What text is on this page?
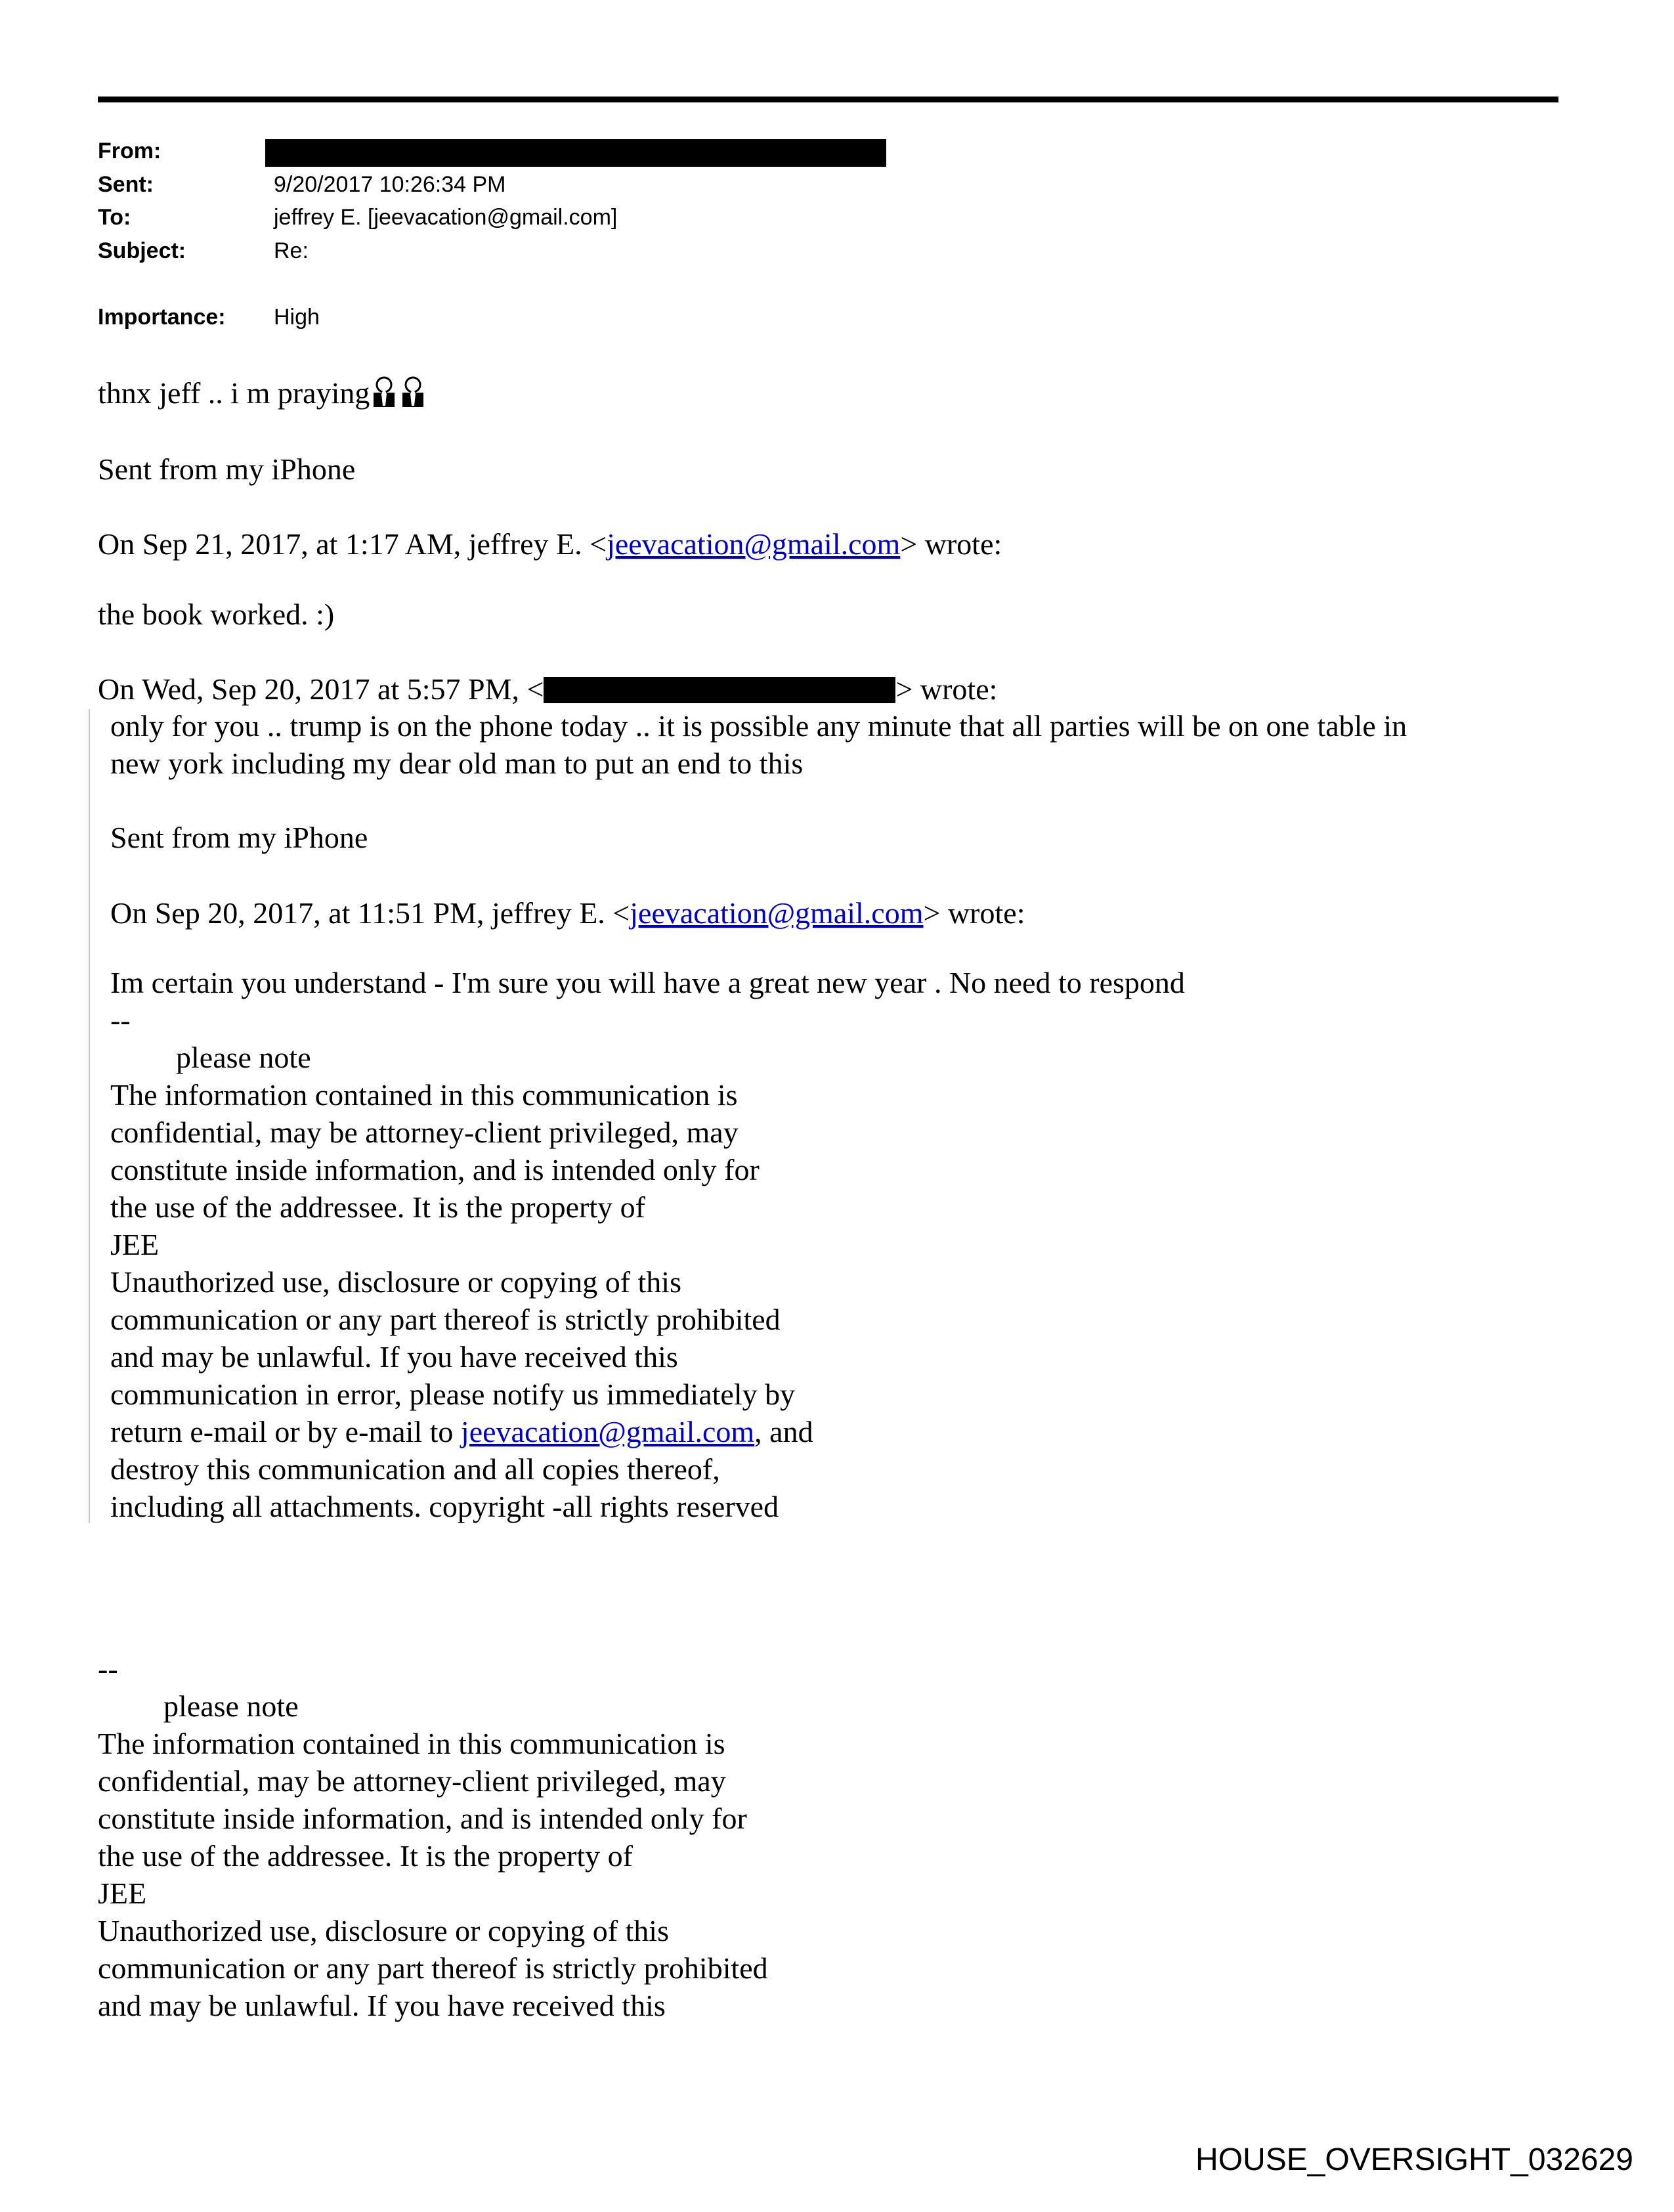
From:
Sent:	9/20/2017 10:26:34 PM
To:	jeffrey E. [jeevacation@gmail.com]
Subject:	Re:
Importance: High
thnx jeff .. i m praying
Sent from my iPhone
On Sep 21, 2017, at 1:17 AM, jeffrey E. <jeevacation@gmail.com> wrote:
the book worked. :)
On Wed, Sep 20, 2017 at 5:57 PM, <	> wrote:
only for you .. trump is on the phone today .. it is possible any minute that all parties will be on one table in
new york including my dear old man to put an end to this
Sent from my iPhone
On Sep 20, 2017, at 11:51 PM, jeffrey E. <jeevacation@gmail.com> wrote:
Im certain you understand - I'm sure you will have a great new year . No need to respond
--
please note
The information contained in this communication is
confidential, may be attorney-client privileged, may
constitute inside information, and is intended only for
the use of the addressee. It is the property of
JEE
Unauthorized use, disclosure or copying of this
communication or any part thereof is strictly prohibited
and may be unlawful. If you have received this
communication in error, please notify us immediately by
return e-mail or by e-mail to jeevacation@gmail.com, and
destroy this communication and all copies thereof,
including all attachments. copyright -all rights reserved
--
please note
The information contained in this communication is
confidential, may be attorney-client privileged, may
constitute inside information, and is intended only for
the use of the addressee. It is the property of
JEE
Unauthorized use, disclosure or copying of this
communication or any part thereof is strictly prohibited
and may be unlawful. If you have received this
HOUSE_OVERSIGHT_032629
